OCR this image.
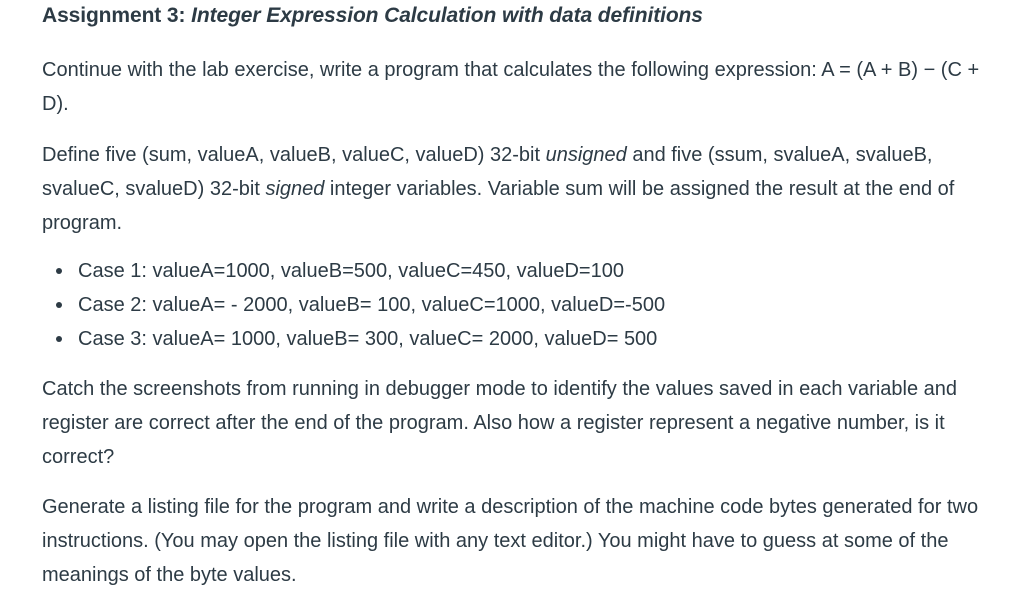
Assignment 3: Integer Expression Calculation with data definitions

Continue with the lab exercise, write a program that calculates the following expression: A = (A + B) − (C + D).

Define five (sum, valueA, valueB, valueC, valueD) 32-bit unsigned and five (ssum, svalueA, svalueB, svalueC, svalueD) 32-bit signed integer variables. Variable sum will be assigned the result at the end of program.

Case 1: valueA=1000, valueB=500, valueC=450, valueD=100
Case 2: valueA= - 2000, valueB= 100, valueC=1000, valueD=-500
Case 3: valueA= 1000, valueB= 300, valueC= 2000, valueD= 500

Catch the screenshots from running in debugger mode to identify the values saved in each variable and register are correct after the end of the program. Also how a register represent a negative number, is it correct?

Generate a listing file for the program and write a description of the machine code bytes generated for two instructions. (You may open the listing file with any text editor.) You might have to guess at some of the meanings of the byte values.
